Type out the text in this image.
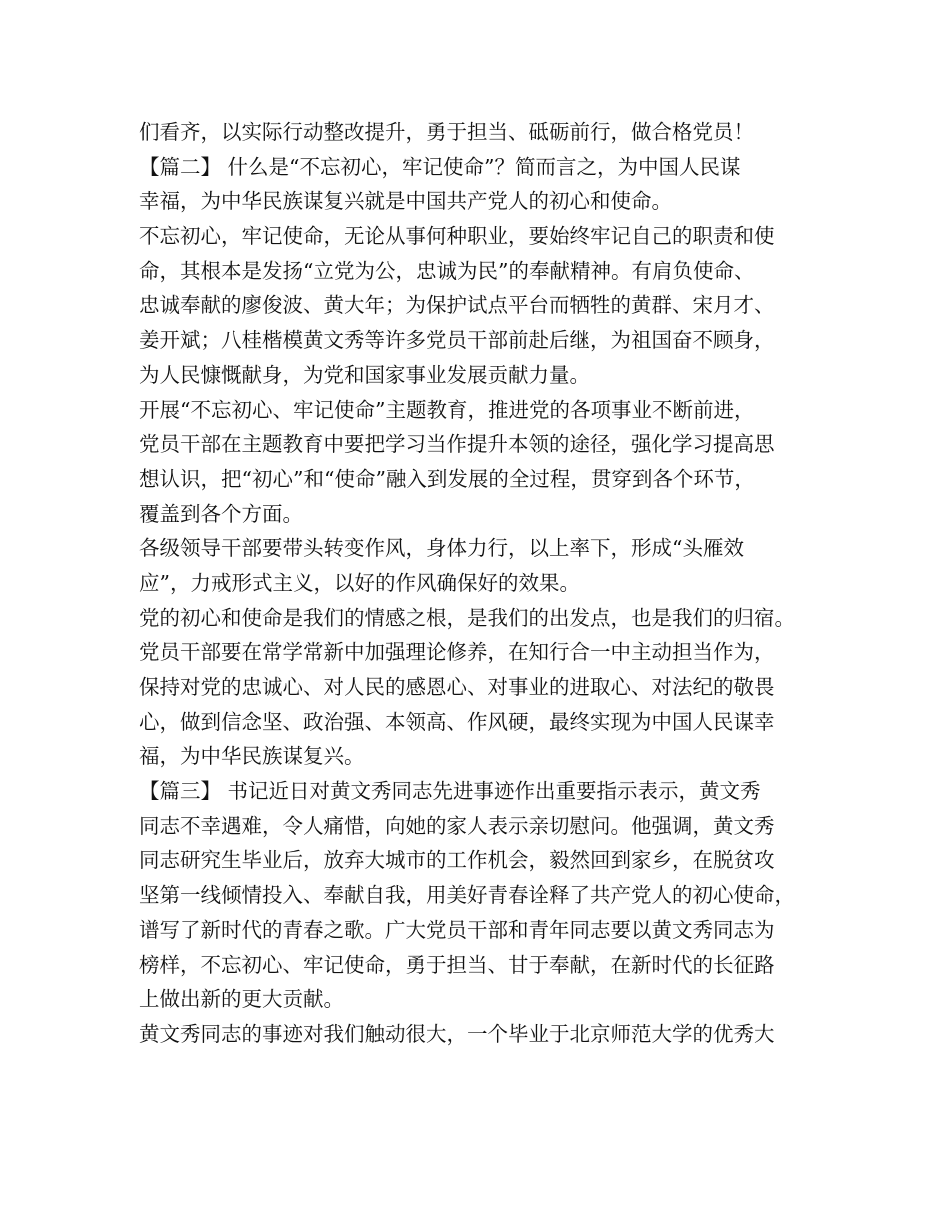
们看齐，以实际行动整改提升，勇于担当、砥砺前行，做合格党员！
【篇二】 什么是“不忘初心，牢记使命”？简而言之，为中国人民谋
幸福，为中华民族谋复兴就是中国共产党人的初心和使命。
不忘初心，牢记使命，无论从事何种职业，要始终牢记自己的职责和使
命，其根本是发扬“立党为公，忠诚为民”的奉献精神。有肩负使命、
忠诚奉献的廖俊波、黄大年；为保护试点平台而牺牲的黄群、宋月才、
姜开斌；八桂楷模黄文秀等许多党员干部前赴后继，为祖国奋不顾身，
为人民慷慨献身，为党和国家事业发展贡献力量。
开展“不忘初心、牢记使命”主题教育，推进党的各项事业不断前进，
党员干部在主题教育中要把学习当作提升本领的途径，强化学习提高思
想认识，把“初心”和“使命”融入到发展的全过程，贯穿到各个环节，
覆盖到各个方面。
各级领导干部要带头转变作风，身体力行，以上率下，形成“头雁效
应”，力戒形式主义，以好的作风确保好的效果。
党的初心和使命是我们的情感之根，是我们的出发点，也是我们的归宿。
党员干部要在常学常新中加强理论修养，在知行合一中主动担当作为，
保持对党的忠诚心、对人民的感恩心、对事业的进取心、对法纪的敬畏
心，做到信念坚、政治强、本领高、作风硬，最终实现为中国人民谋幸
福，为中华民族谋复兴。
【篇三】 书记近日对黄文秀同志先进事迹作出重要指示表示，黄文秀
同志不幸遇难，令人痛惜，向她的家人表示亲切慰问。他强调，黄文秀
同志研究生毕业后，放弃大城市的工作机会，毅然回到家乡，在脱贫攻
坚第一线倾情投入、奉献自我，用美好青春诠释了共产党人的初心使命，
谱写了新时代的青春之歌。广大党员干部和青年同志要以黄文秀同志为
榜样，不忘初心、牢记使命，勇于担当、甘于奉献，在新时代的长征路
上做出新的更大贡献。
黄文秀同志的事迹对我们触动很大，一个毕业于北京师范大学的优秀大
